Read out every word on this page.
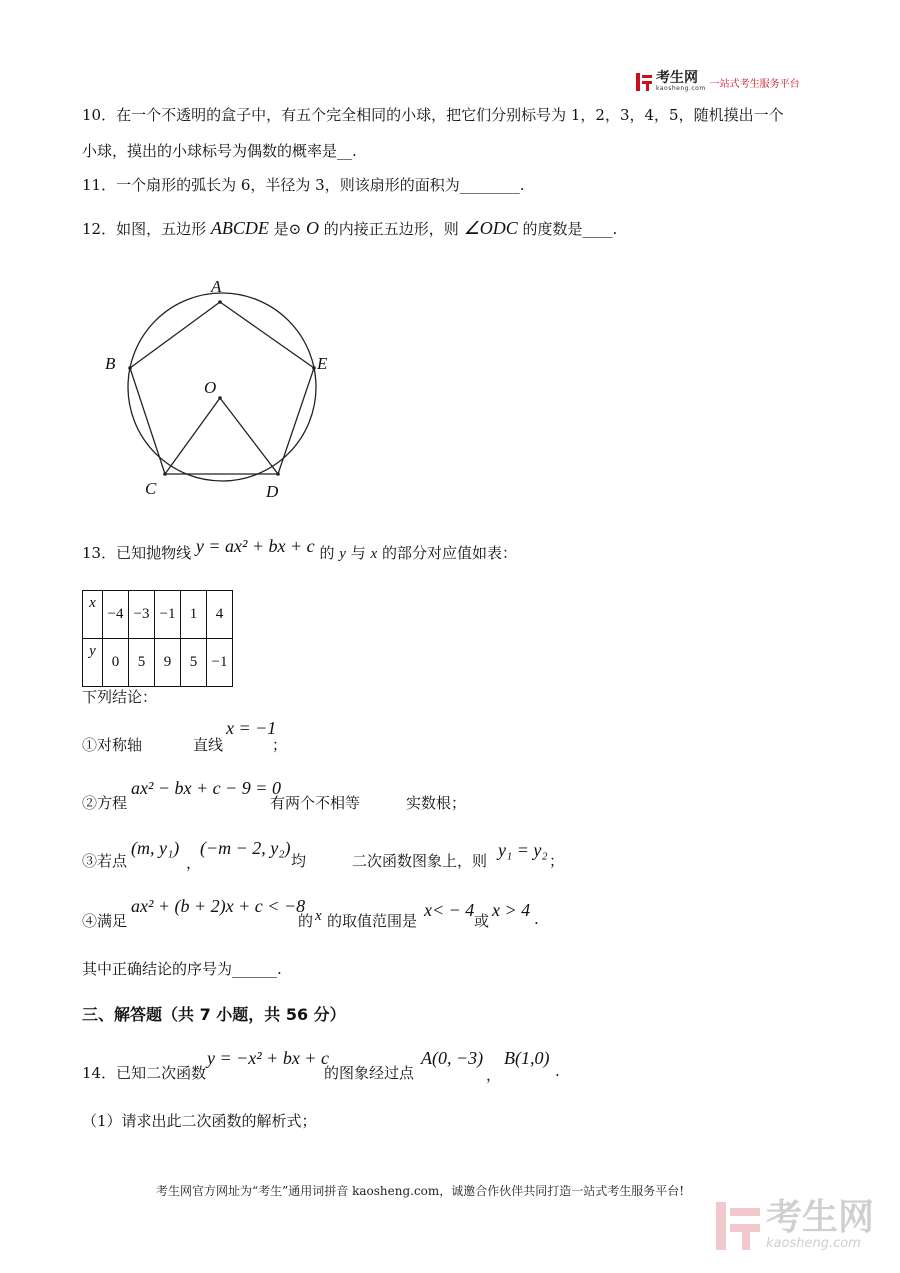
考生网
kaosheng.com 一站式考生服务平台
10．在一个不透明的盒子中，有五个完全相同的小球，把它们分别标号为 1，2，3，4，5，随机摸出一个
小球，摸出的小球标号为偶数的概率是__.
11．一个扇形的弧长为 6，半径为 3，则该扇形的面积为________.
12．如图，五边形 ABCDE 是⊙ O 的内接正五边形，则 ∠ODC 的度数是____.
A
B
C	D
E
O
13．已知抛物线 y = ax² + bx + c 的 y 与 x 的部分对应值如表：
x	−4	−3	−1	1	4
y	0	5	9	5	−1
下列结论：
①对称轴	直线
x = −1
；
②方程
ax² − bx + c − 9 = 0
有两个不相等	实数根；
③若点
(m, y₁)
，
(−m − 2, y₂)
均	二次函数图象上，则
y₁ = y₂
；
④满足
ax² + (b + 2)x + c < −8
的 x 的取值范围是
x< − 4
或
x > 4 .
其中正确结论的序号为______.
三、解答题（共 7 小题，共 56 分）
14．已知二次函数
y = −x² + bx + c
的图象经过点
A(0, −3)
，
B(1,0)
.
（1）请求出此二次函数的解析式；
考生网官方网址为“考生”通用词拼音 kaosheng.com，诚邀合作伙伴共同打造一站式考生服务平台!
考生网
kaosheng.com
